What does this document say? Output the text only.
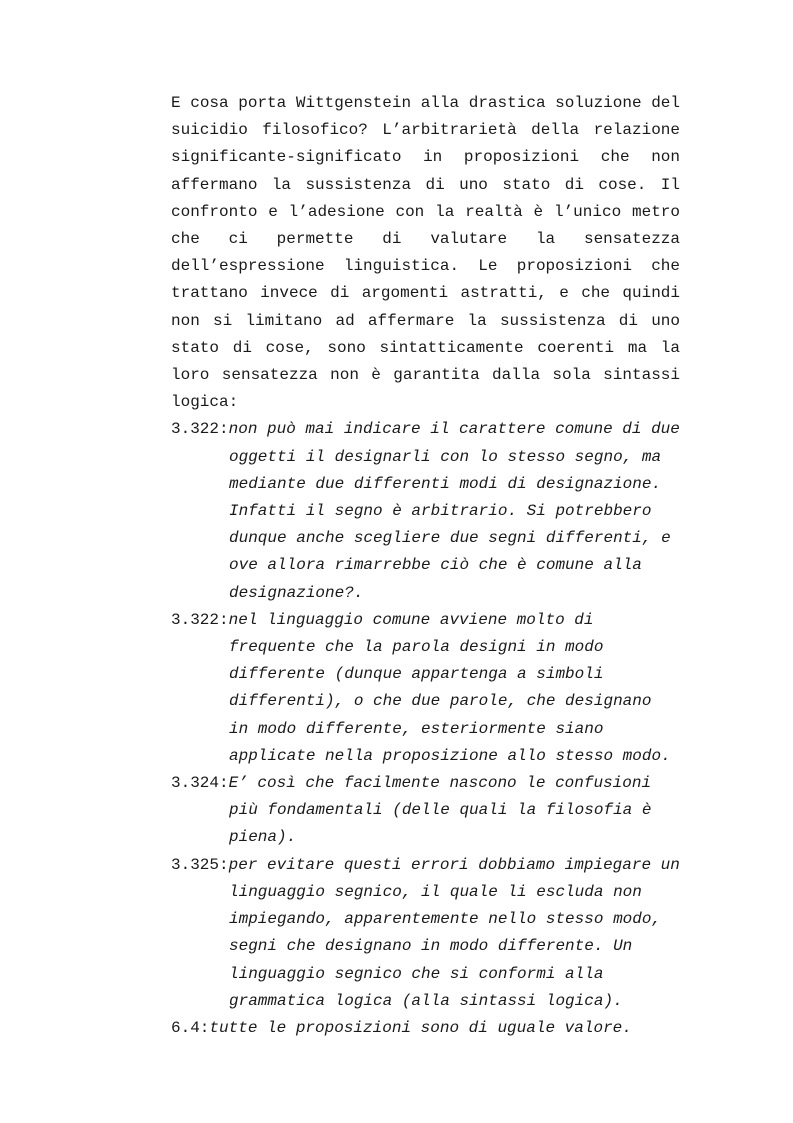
E cosa porta Wittgenstein alla drastica soluzione del suicidio filosofico? L’arbitrarietà della relazione significante-significato in proposizioni che non affermano la sussistenza di uno stato di cose. Il confronto e l’adesione con la realtà è l’unico metro che ci permette di valutare la sensatezza dell’espressione linguistica. Le proposizioni che trattano invece di argomenti astratti, e che quindi non si limitano ad affermare la sussistenza di uno stato di cose, sono sintatticamente coerenti ma la loro sensatezza non è garantita dalla sola sintassi logica:

3.322:non può mai indicare il carattere comune di due oggetti il designarli con lo stesso segno, ma mediante due differenti modi di designazione. Infatti il segno è arbitrario. Si potrebbero dunque anche scegliere due segni differenti, e ove allora rimarrebbe ciò che è comune alla designazione?.
3.322:nel linguaggio comune avviene molto di frequente che la parola designi in modo differente (dunque appartenga a simboli differenti), o che due parole, che designano in modo differente, esteriormente siano applicate nella proposizione allo stesso modo.
3.324:E’ così che facilmente nascono le confusioni più fondamentali (delle quali la filosofia è piena).
3.325:per evitare questi errori dobbiamo impiegare un linguaggio segnico, il quale li escluda non impiegando, apparentemente nello stesso modo, segni che designano in modo differente. Un linguaggio segnico che si conformi alla grammatica logica (alla sintassi logica).
6.4:tutte le proposizioni sono di uguale valore.
